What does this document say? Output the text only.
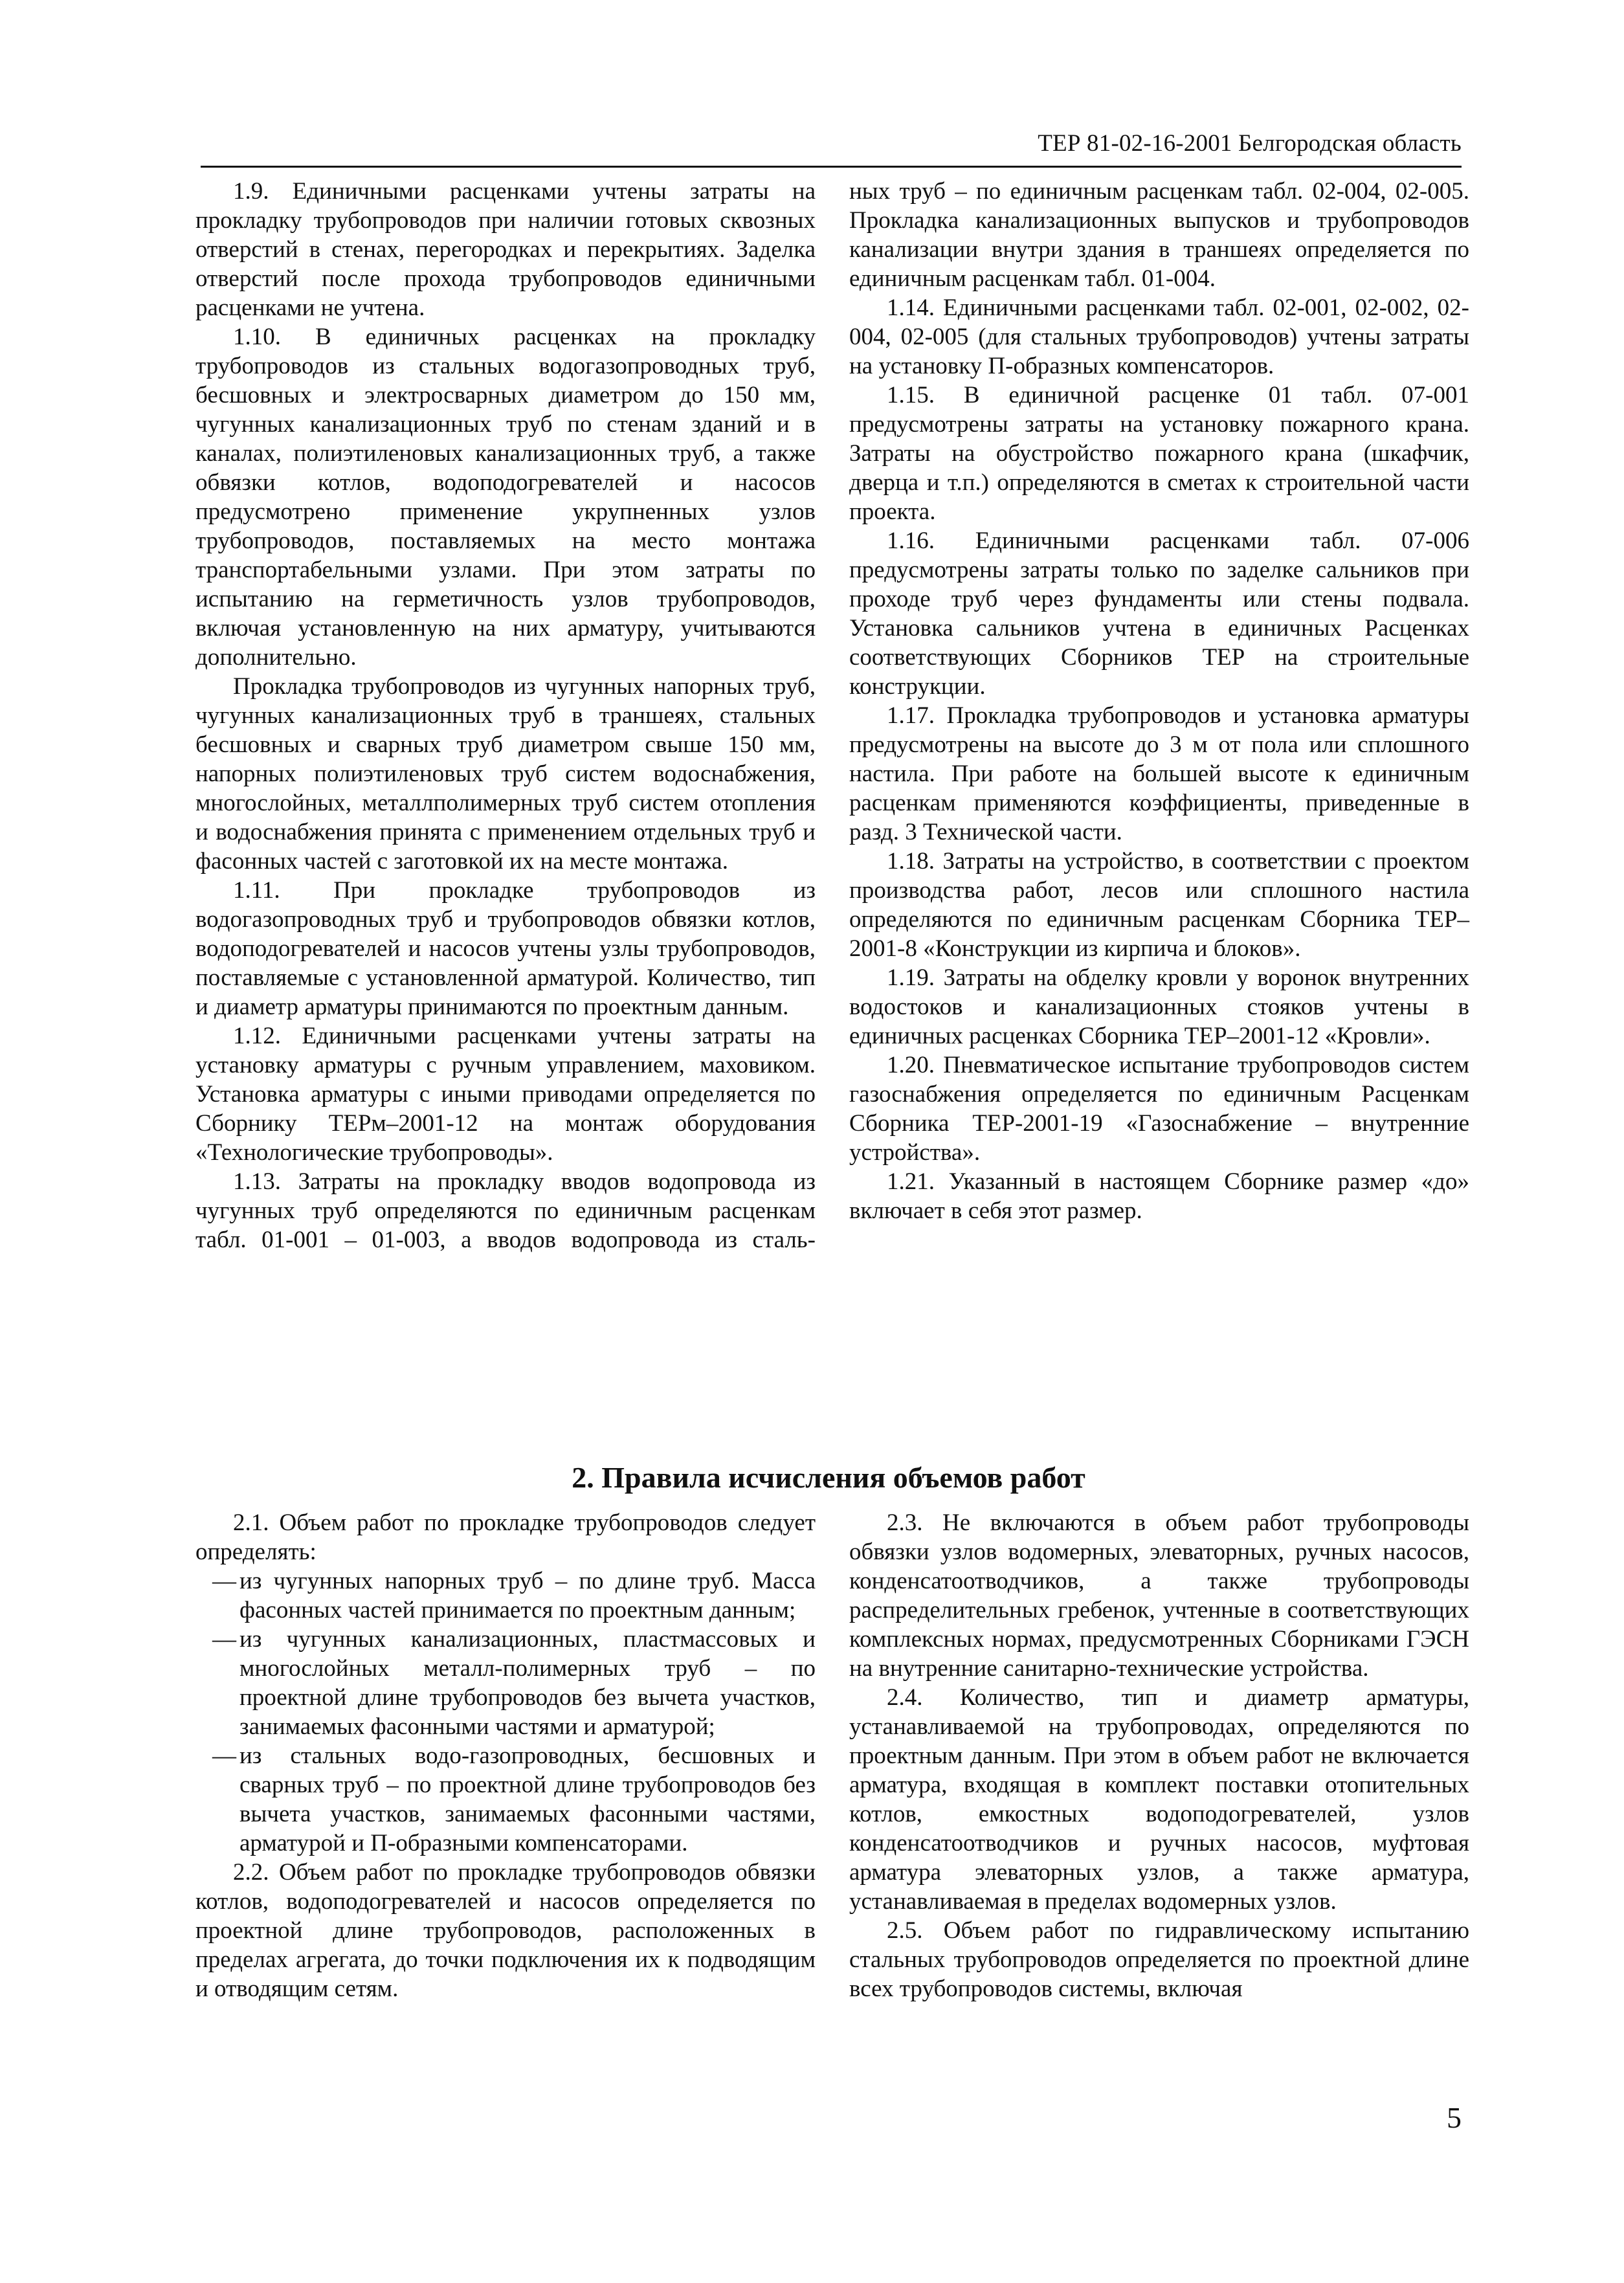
ТЕР 81-02-16-2001 Белгородская область

1.9. Единичными расценками учтены затраты на прокладку трубопроводов при наличии готовых сквозных отверстий в стенах, перегородках и перекрытиях. Заделка отверстий после прохода трубопроводов единичными расценками не учтена.

1.10. В единичных расценках на прокладку трубопроводов из стальных водогазопроводных труб, бесшовных и электросварных диаметром до 150 мм, чугунных канализационных труб по стенам зданий и в каналах, полиэтиленовых канализационных труб, а также обвязки котлов, водоподогревателей и насосов предусмотрено применение укрупненных узлов трубопроводов, поставляемых на место монтажа транспортабельными узлами. При этом затраты по испытанию на герметичность узлов трубопроводов, включая установленную на них арматуру, учитываются дополнительно.

Прокладка трубопроводов из чугунных напорных труб, чугунных канализационных труб в траншеях, стальных бесшовных и сварных труб диаметром свыше 150 мм, напорных полиэтиленовых труб систем водоснабжения, многослойных, металлполимерных труб систем отопления и водоснабжения принята с применением отдельных труб и фасонных частей с заготовкой их на месте монтажа.

1.11. При прокладке трубопроводов из водогазопроводных труб и трубопроводов обвязки котлов, водоподогревателей и насосов учтены узлы трубопроводов, поставляемые с установленной арматурой. Количество, тип и диаметр арматуры принимаются по проектным данным.

1.12. Единичными расценками учтены затраты на установку арматуры с ручным управлением, маховиком. Установка арматуры с иными приводами определяется по Сборнику ТЕРм–2001-12 на монтаж оборудования «Технологические трубопроводы».

1.13. Затраты на прокладку вводов водопровода из чугунных труб определяются по единичным расценкам табл. 01-001 – 01-003, а вводов водопровода из сталь-

ных труб – по единичным расценкам табл. 02-004, 02-005. Прокладка канализационных выпусков и трубопроводов канализации внутри здания в траншеях определяется по единичным расценкам табл. 01-004.

1.14. Единичными расценками табл. 02-001, 02-002, 02-004, 02-005 (для стальных трубопроводов) учтены затраты на установку П-образных компенсаторов.

1.15. В единичной расценке 01 табл. 07-001 предусмотрены затраты на установку пожарного крана. Затраты на обустройство пожарного крана (шкафчик, дверца и т.п.) определяются в сметах к строительной части проекта.

1.16. Единичными расценками табл. 07-006 предусмотрены затраты только по заделке сальников при проходе труб через фундаменты или стены подвала. Установка сальников учтена в единичных Расценках соответствующих Сборников ТЕР на строительные конструкции.

1.17. Прокладка трубопроводов и установка арматуры предусмотрены на высоте до 3 м от пола или сплошного настила. При работе на большей высоте к единичным расценкам применяются коэффициенты, приведенные в разд. 3 Технической части.

1.18. Затраты на устройство, в соответствии с проектом производства работ, лесов или сплошного настила определяются по единичным расценкам Сборника ТЕР–2001-8 «Конструкции из кирпича и блоков».

1.19. Затраты на обделку кровли у воронок внутренних водостоков и канализационных стояков учтены в единичных расценках Сборника ТЕР–2001-12 «Кровли».

1.20. Пневматическое испытание трубопроводов систем газоснабжения определяется по единичным Расценкам Сборника ТЕР-2001-19 «Газоснабжение – внутренние устройства».

1.21. Указанный в настоящем Сборнике размер «до» включает в себя этот размер.

2. Правила исчисления объемов работ

2.1. Объем работ по прокладке трубопроводов следует определять:

— из чугунных напорных труб – по длине труб. Масса фасонных частей принимается по проектным данным;
— из чугунных канализационных, пластмассовых и многослойных металл-полимерных труб – по проектной длине трубопроводов без вычета участков, занимаемых фасонными частями и арматурой;
— из стальных водо-газопроводных, бесшовных и сварных труб – по проектной длине трубопроводов без вычета участков, занимаемых фасонными частями, арматурой и П-образными компенсаторами.

2.2. Объем работ по прокладке трубопроводов обвязки котлов, водоподогревателей и насосов определяется по проектной длине трубопроводов, расположенных в пределах агрегата, до точки подключения их к подводящим и отводящим сетям.

2.3. Не включаются в объем работ трубопроводы обвязки узлов водомерных, элеваторных, ручных насосов, конденсатоотводчиков, а также трубопроводы распределительных гребенок, учтенные в соответствующих комплексных нормах, предусмотренных Сборниками ГЭСН на внутренние санитарно-технические устройства.

2.4. Количество, тип и диаметр арматуры, устанавливаемой на трубопроводах, определяются по проектным данным. При этом в объем работ не включается арматура, входящая в комплект поставки отопительных котлов, емкостных водоподогревателей, узлов конденсатоотводчиков и ручных насосов, муфтовая арматура элеваторных узлов, а также арматура, устанавливаемая в пределах водомерных узлов.

2.5. Объем работ по гидравлическому испытанию стальных трубопроводов определяется по проектной длине всех трубопроводов системы, включая

5
